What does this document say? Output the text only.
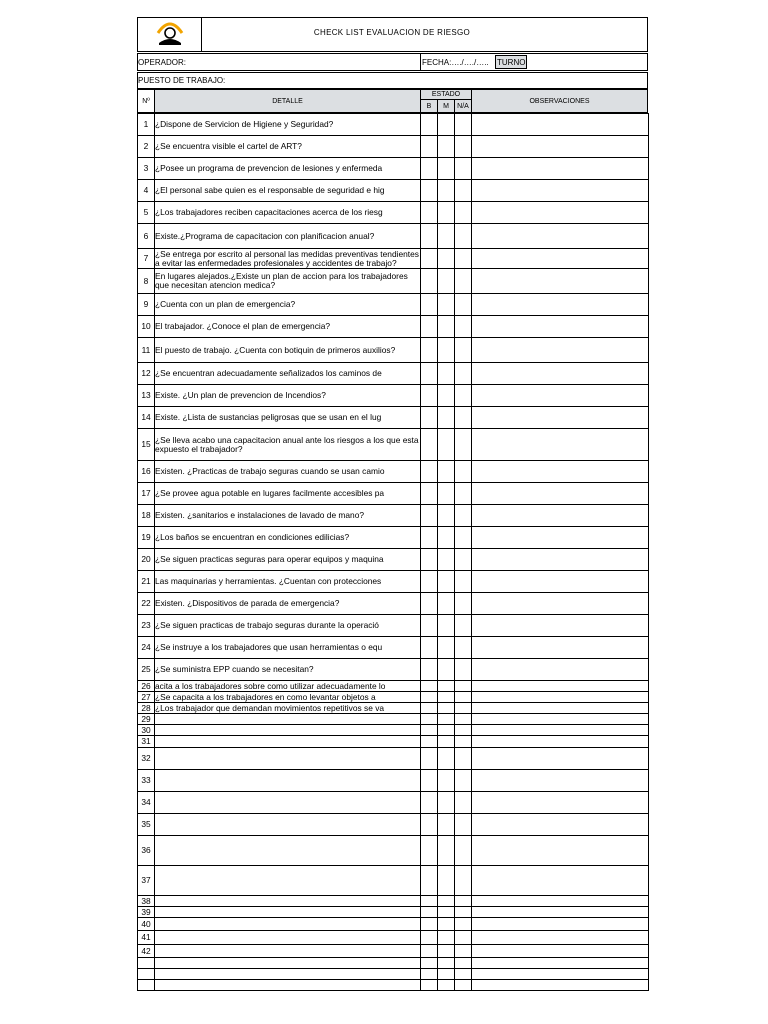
CHECK LIST EVALUACION DE RIESGO
OPERADOR:	FECHA:…./…./….. TURNO:
PUESTO DE TRABAJO:
Nº	DETALLE
ESTADO
B	M	N/A
OBSERVACIONES
1	¿Dispone de Servicion de Higiene y Seguridad?				
2	¿Se encuentra visible el cartel de ART?				
3	¿Posee un programa de prevencion de lesiones y enfermeda				
4	¿El personal sabe quien es el responsable de seguridad e hig				
5	¿Los trabajadores reciben capacitaciones acerca de los riesg				
6	Existe.¿Programa de capacitacion con planificacion anual?				
7	¿Se entrega por escrito al personal las medidas preventivas tendientes a evitar las enfermedades profesionales y accidentes de trabajo?				
8	En lugares alejados.¿Existe un plan de accion para los trabajadores que necesitan atencion medica?				
9	¿Cuenta con un plan de emergencia?				
10	El trabajador. ¿Conoce el plan de emergencia?				
11	El puesto de trabajo. ¿Cuenta con botiquin de primeros auxilios?				
12	¿Se encuentran adecuadamente señalizados los caminos de				
13	Existe. ¿Un plan de prevencion de Incendios?				
14	Existe. ¿Lista de sustancias peligrosas que se usan en el lug				
15	¿Se lleva acabo una capacitacion anual ante los riesgos a los que esta expuesto el trabajador?				
16	Existen. ¿Practicas de trabajo seguras cuando se usan camio				
17	¿Se provee agua potable en lugares facilmente accesibles pa				
18	Existen. ¿sanitarios e instalaciones de lavado de mano?				
19	¿Los baños se encuentran en condiciones edilicias?				
20	¿Se siguen practicas seguras para operar equipos y maquina				
21	Las maquinarias y herramientas. ¿Cuentan con protecciones				
22	Existen. ¿Dispositivos de parada de emergencia?				
23	¿Se siguen practicas de trabajo seguras durante la operació				
24	¿Se instruye a los trabajadores que usan herramientas o equ				
25	¿Se suministra EPP cuando se necesitan?				
26	acita a los trabajadores sobre como utilizar adecuadamente lo				
27	¿Se capacita a los trabajadores en como levantar objetos a				
28	¿Los trabajador que demandan movimientos repetitivos se va				
29					
30					
31					
32					
33					
34					
35					
36					
37					
38					
39					
40					
41					
42					
